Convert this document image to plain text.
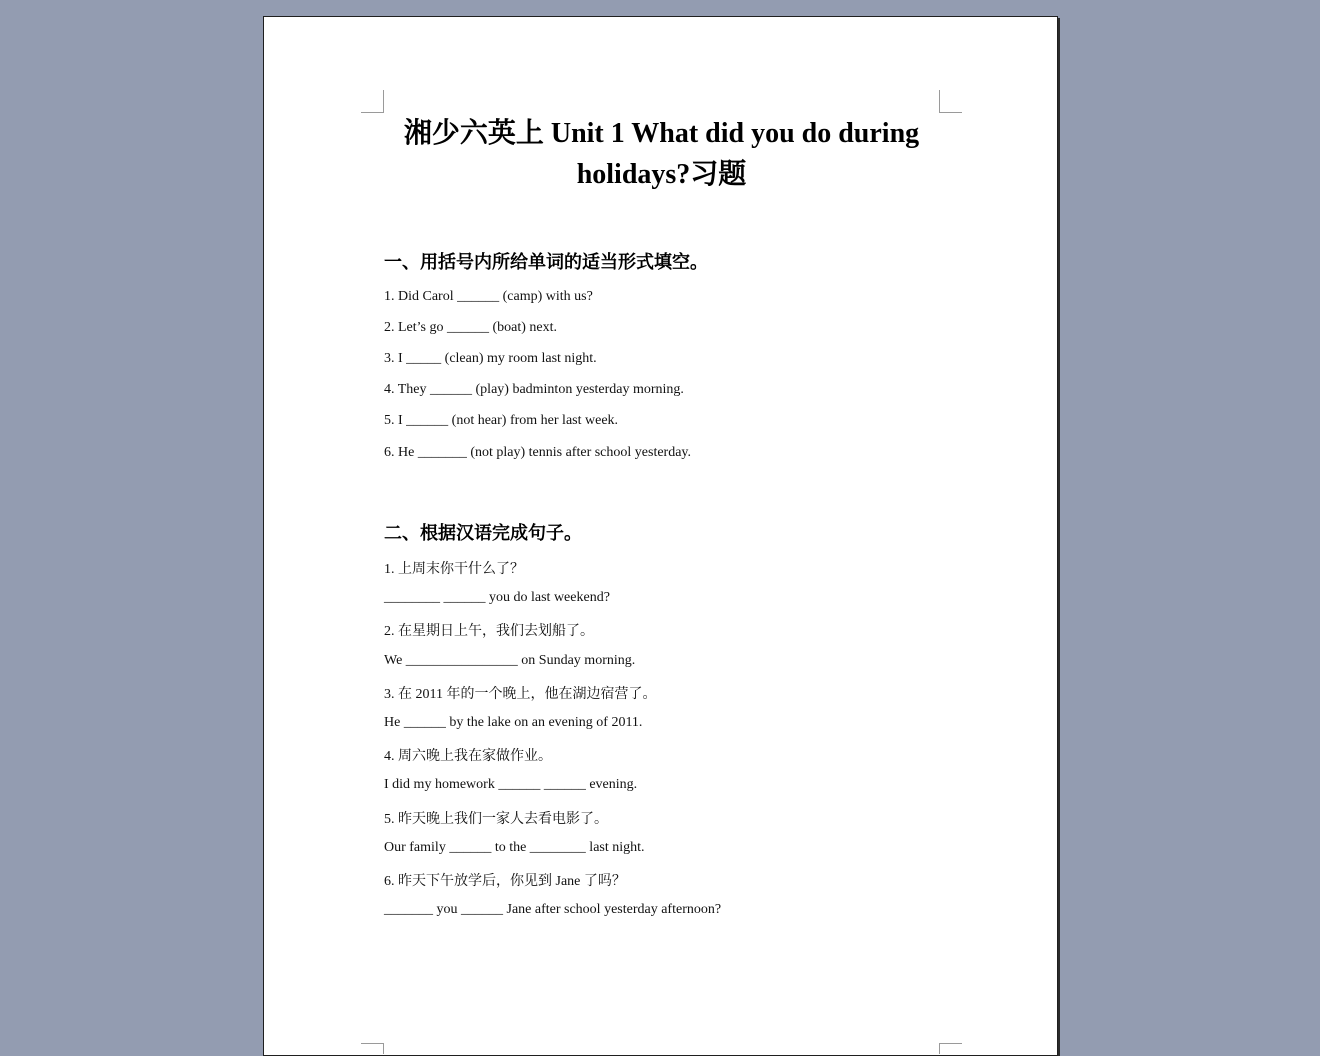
湘少六英上 Unit 1 What did you do during
holidays?习题
一、用括号内所给单词的适当形式填空。
1. Did Carol ______ (camp) with us?
2. Let’s go ______ (boat) next.
3. I _____ (clean) my room last night.
4. They ______ (play) badminton yesterday morning.
5. I ______ (not hear) from her last week.
6. He _______ (not play) tennis after school yesterday.
二、根据汉语完成句子。
1. 上周末你干什么了？
________ ______ you do last weekend?
2. 在星期日上午，我们去划船了。
We ________________ on Sunday morning.
3. 在 2011 年的一个晚上，他在湖边宿营了。
He ______ by the lake on an evening of 2011.
4. 周六晚上我在家做作业。
I did my homework ______ ______ evening.
5. 昨天晚上我们一家人去看电影了。
Our family ______ to the ________ last night.
6. 昨天下午放学后，你见到 Jane 了吗？
_______ you ______ Jane after school yesterday afternoon?
